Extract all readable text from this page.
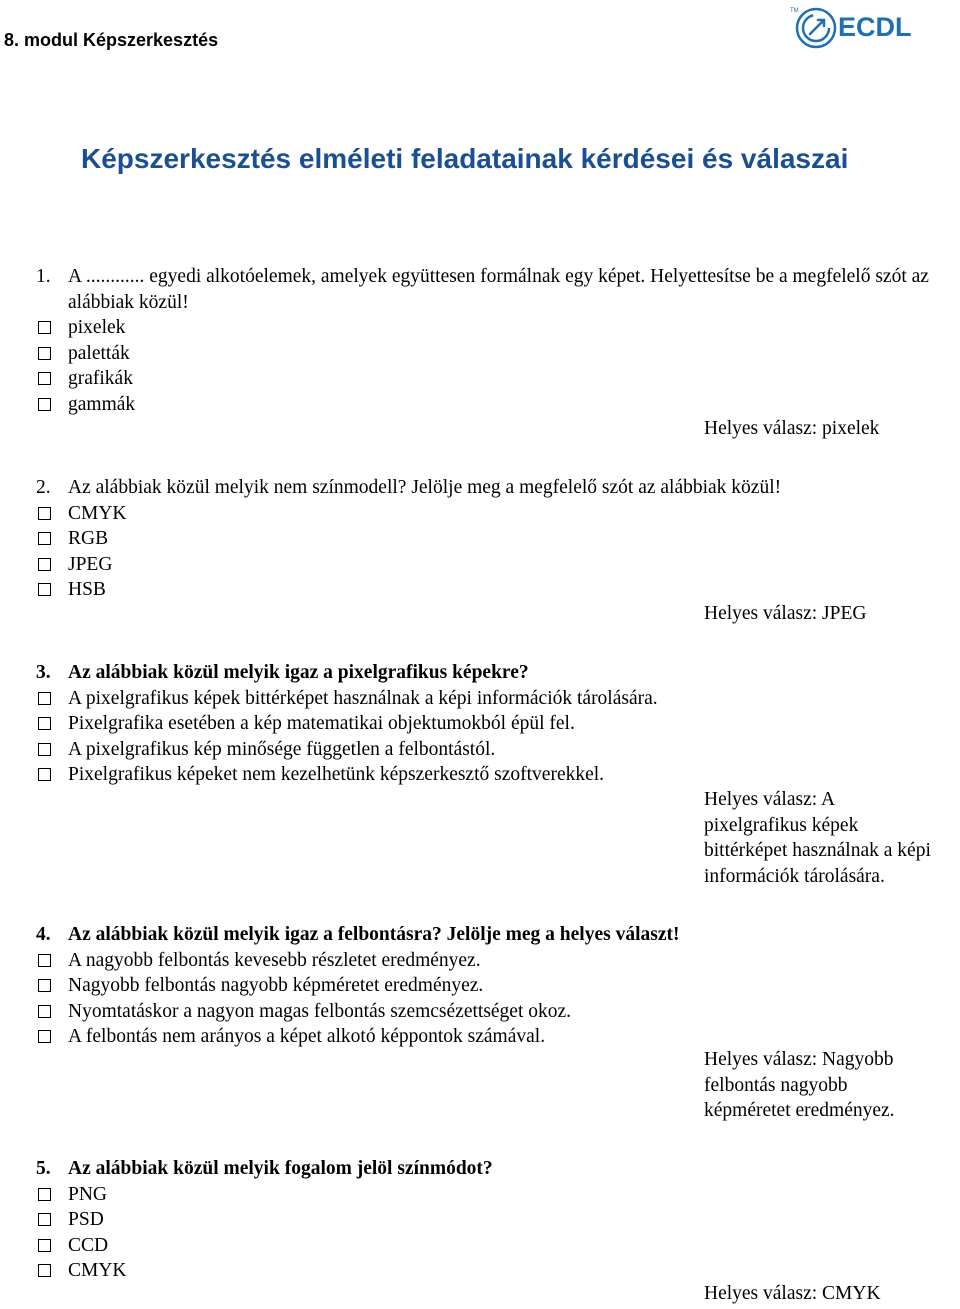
8. modul Képszerkesztés
TM
ECDL
Képszerkesztés elméleti feladatainak kérdései és válaszai
1. A ............ egyedi alkotóelemek, amelyek együttesen formálnak egy képet. Helyettesítse be a megfelelő szót az alábbiak közül!
pixelek
paletták
grafikák
gammák
Helyes válasz: pixelek
2. Az alábbiak közül melyik nem színmodell? Jelölje meg a megfelelő szót az alábbiak közül!
CMYK
RGB
JPEG
HSB
Helyes válasz: JPEG
3. Az alábbiak közül melyik igaz a pixelgrafikus képekre?
A pixelgrafikus képek bittérképet használnak a képi információk tárolására.
Pixelgrafika esetében a kép matematikai objektumokból épül fel.
A pixelgrafikus kép minősége független a felbontástól.
Pixelgrafikus képeket nem kezelhetünk képszerkesztő szoftverekkel.
Helyes válasz: A
pixelgrafikus képek
bittérképet használnak a képi
információk tárolására.
4. Az alábbiak közül melyik igaz a felbontásra? Jelölje meg a helyes választ!
A nagyobb felbontás kevesebb részletet eredményez.
Nagyobb felbontás nagyobb képméretet eredményez.
Nyomtatáskor a nagyon magas felbontás szemcsézettséget okoz.
A felbontás nem arányos a képet alkotó képpontok számával.
Helyes válasz: Nagyobb
felbontás nagyobb
képméretet eredményez.
5. Az alábbiak közül melyik fogalom jelöl színmódot?
PNG
PSD
CCD
CMYK
Helyes válasz: CMYK
